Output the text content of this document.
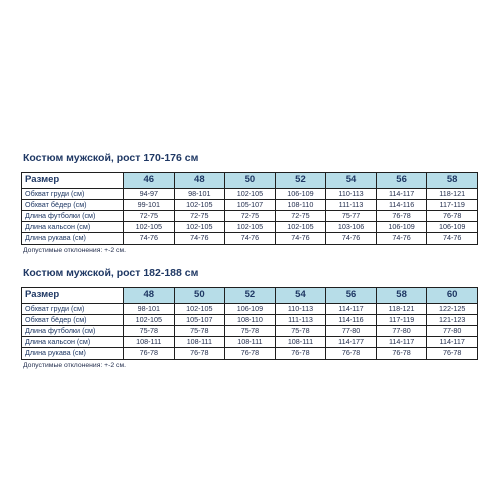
Костюм мужской, рост 170-176 см
Размер	46	48	50	52	54	56	58
Обхват груди (см)	94-97	98-101	102-105	106-109	110-113	114-117	118-121
Обхват бёдер (см)	99-101	102-105	105-107	108-110	111-113	114-116	117-119
Длина футболки (см)	72-75	72-75	72-75	72-75	75-77	76-78	76-78
Длина кальсон (см)	102-105	102-105	102-105	102-105	103-106	106-109	106-109
Длина рукава (см)	74-76	74-76	74-76	74-76	74-76	74-76	74-76
Допустимые отклонения: +-2 см.
Костюм мужской, рост 182-188 см
Размер	48	50	52	54	56	58	60
Обхват груди (см)	98-101	102-105	106-109	110-113	114-117	118-121	122-125
Обхват бёдер (см)	102-105	105-107	108-110	111-113	114-116	117-119	121-123
Длина футболки (см)	75-78	75-78	75-78	75-78	77-80	77-80	77-80
Длина кальсон (см)	108-111	108-111	108-111	108-111	114-177	114-117	114-117
Длина рукава (см)	76-78	76-78	76-78	76-78	76-78	76-78	76-78
Допустимые отклонения: +-2 см.
